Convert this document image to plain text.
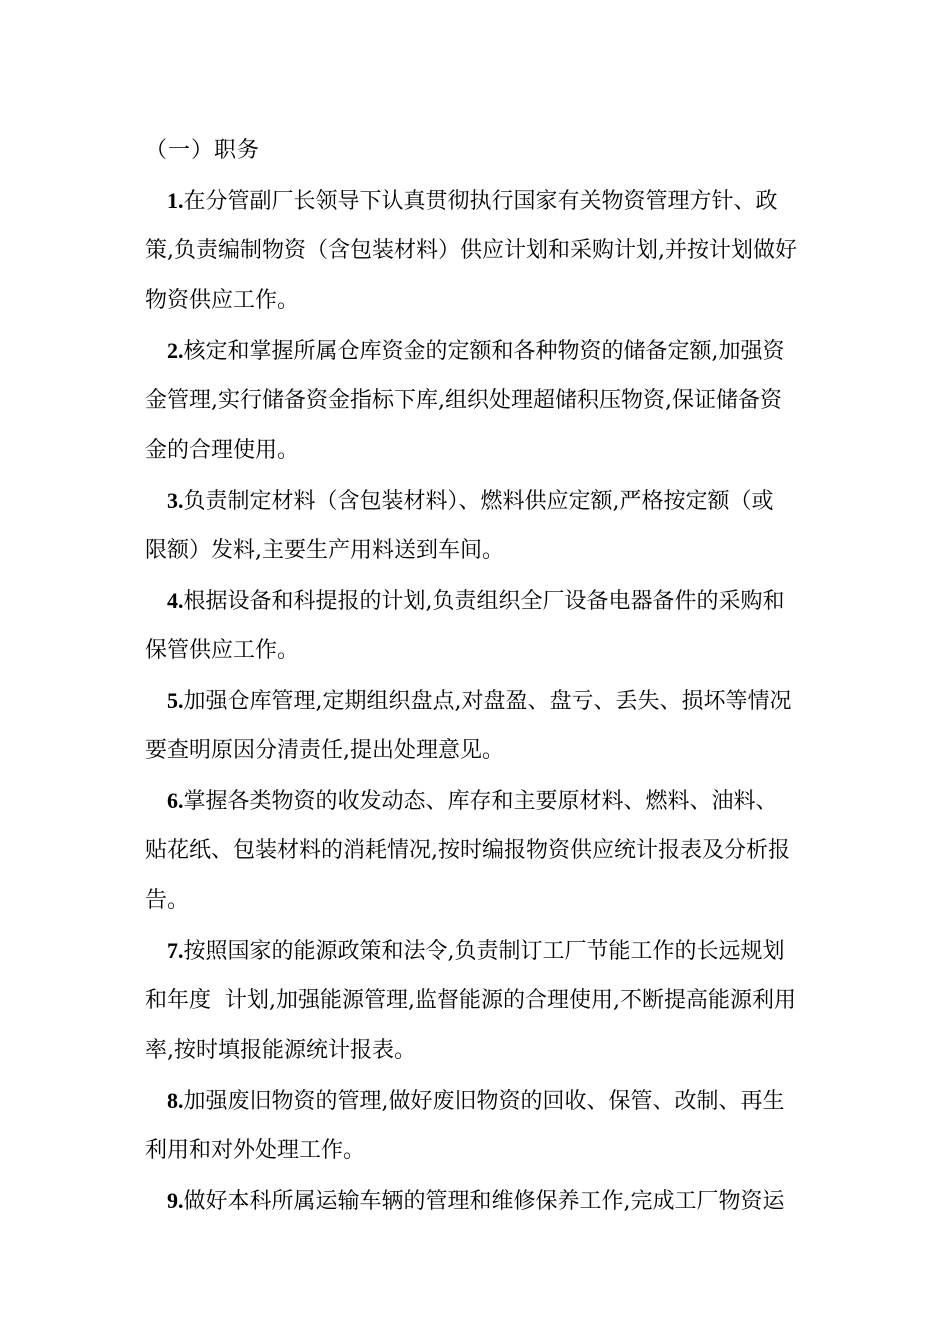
（一）职务
1.在分管副厂长领导下认真贯彻执行国家有关物资管理方针、政
策,负责编制物资（含包装材料）供应计划和采购计划,并按计划做好
物资供应工作。
2.核定和掌握所属仓库资金的定额和各种物资的储备定额,加强资
金管理,实行储备资金指标下库,组织处理超储积压物资,保证储备资
金的合理使用。
3.负责制定材料（含包装材料）、燃料供应定额,严格按定额（或
限额）发料,主要生产用料送到车间。
4.根据设备和科提报的计划,负责组织全厂设备电器备件的采购和
保管供应工作。
5.加强仓库管理,定期组织盘点,对盘盈、盘亏、丢失、损坏等情况
要查明原因分清责任,提出处理意见。
6.掌握各类物资的收发动态、库存和主要原材料、燃料、油料、
贴花纸、包装材料的消耗情况,按时编报物资供应统计报表及分析报
告。
7.按照国家的能源政策和法令,负责制订工厂节能工作的长远规划
和年度  计划,加强能源管理,监督能源的合理使用,不断提高能源利用
率,按时填报能源统计报表。
8.加强废旧物资的管理,做好废旧物资的回收、保管、改制、再生
利用和对外处理工作。
9.做好本科所属运输车辆的管理和维修保养工作,完成工厂物资运
